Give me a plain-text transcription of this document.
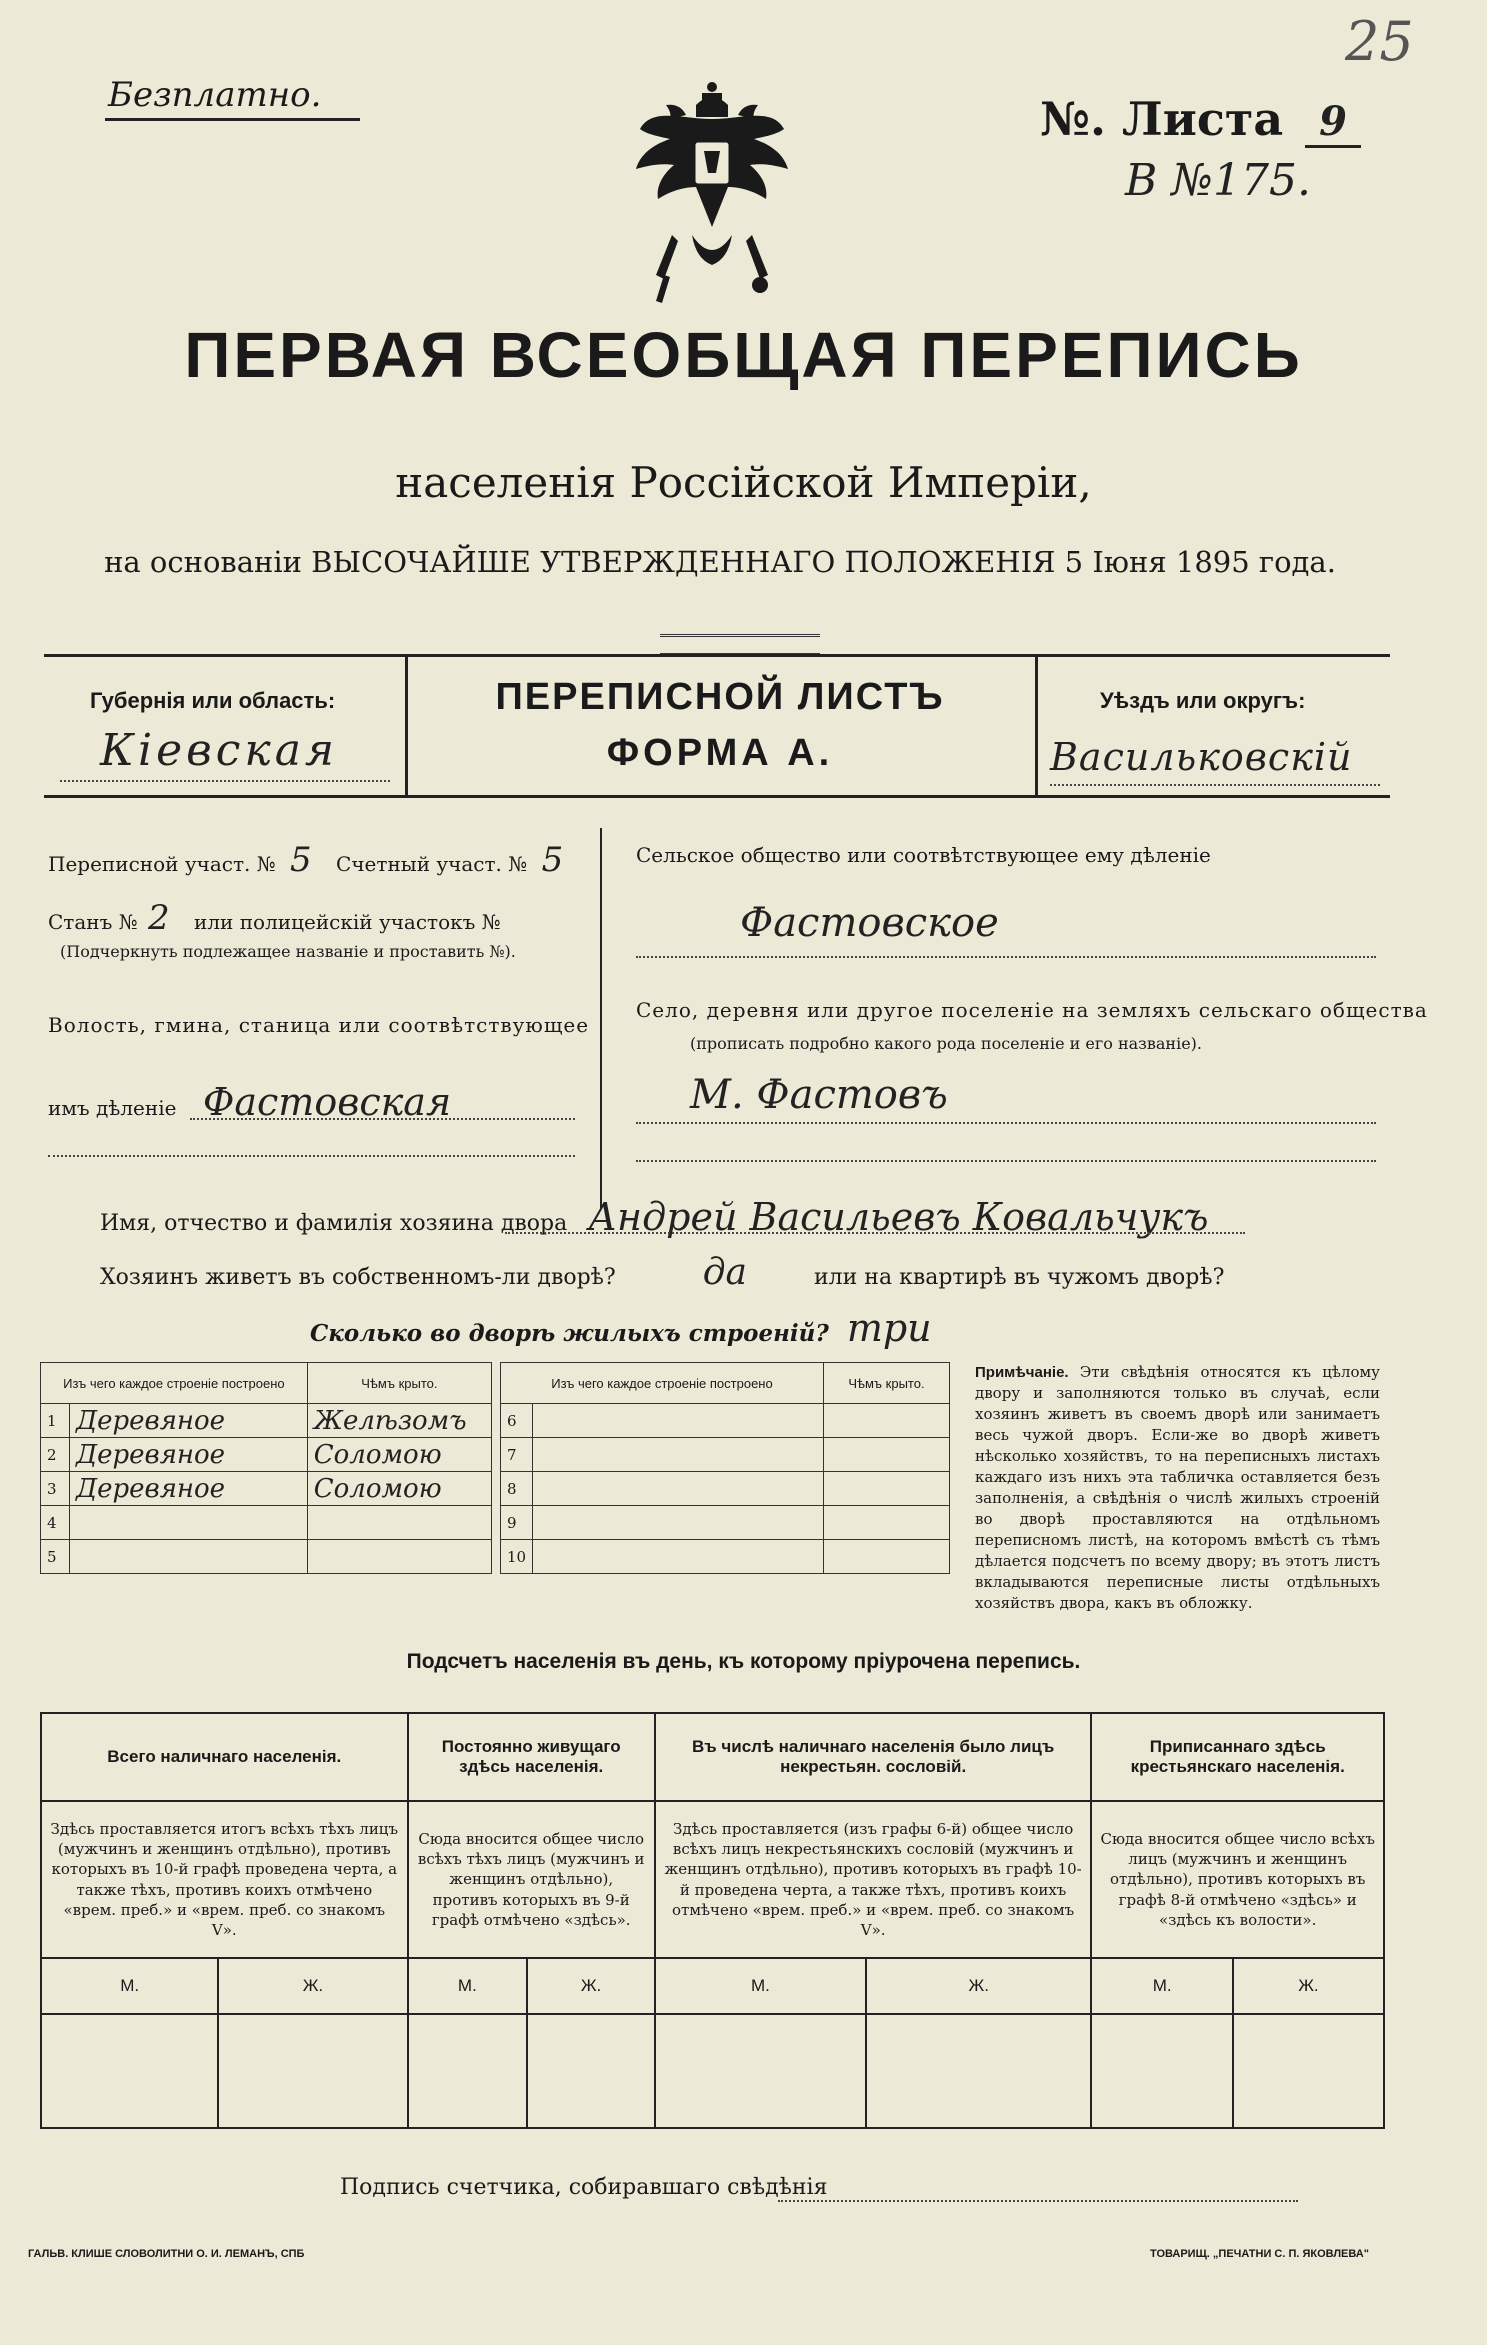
25
Безплатно.	№. Листа 9
В №175.
ПЕРВАЯ ВСЕОБЩАЯ ПЕРЕПИСЬ
населенія Россійской Имперіи,
на основаніи ВЫСОЧАЙШЕ УТВЕРЖДЕННАГО ПОЛОЖЕНІЯ 5 Іюня 1895 года.
Губернія или область:
Кіевская
ПЕРЕПИСНОЙ ЛИСТЪ
ФОРМА А.
Уѣздъ или округъ:
Васильковскій
Переписной участ. № 5 Счетный участ. № 5
Станъ № 2 или полицейскій участокъ №
(Подчеркнуть подлежащее названіе и проставить №).
Волость, гмина, станица или соотвѣтствующее
имъ дѣленіе Фастовская
Сельское общество или соотвѣтствующее ему дѣленіе
Фастовское
Село, деревня или другое поселеніе на земляхъ сельскаго общества
(прописать подробно какого рода поселеніе и его названіе).
М. Фастовъ
Имя, отчество и фамилія хозяина двора Андрей Васильевъ Ковальчукъ
Хозяинъ живетъ въ собственномъ-ли дворѣ? да	или на квартирѣ въ чужомъ дворѣ?
Сколько во дворѣ жилыхъ строеній? три
Изъ чего каждое строеніе построено		Чѣмъ крыто.
1	Деревяное	Желѣзомъ
2	Деревяное	Соломою
3	Деревяное	Соломою
4		
5		
Изъ чего каждое строеніе построено		Чѣмъ крыто.
6		
7		
8		
9		
10		
Примѣчаніе. Эти свѣдѣнія относятся къ цѣлому двору и заполняются только въ случаѣ, если хозяинъ живетъ въ своемъ дворѣ или занимаетъ весь чужой дворъ. Если-же во дворѣ живетъ нѣсколько хозяйствъ, то на переписныхъ листахъ каждаго изъ нихъ эта табличка оставляется безъ заполненія, а свѣдѣнія о числѣ жилыхъ строеній во дворѣ проставляются на отдѣльномъ переписномъ листѣ, на которомъ вмѣстѣ съ тѣмъ дѣлается подсчетъ по всему двору; въ этотъ листъ вкладываются переписные листы отдѣльныхъ хозяйствъ двора, какъ въ обложку.
Подсчетъ населенія въ день, къ которому пріурочена перепись.
Всего наличнаго населенія.		Постоянно живущаго здѣсь населенія.		Въ числѣ наличнаго населенія было лицъ некрестьян. сословій.		Приписаннаго здѣсь крестьянскаго населенія.	
Здѣсь проставляется итогъ всѣхъ тѣхъ лицъ (мужчинъ и женщинъ отдѣльно), противъ которыхъ въ 10-й графѣ проведена черта, а также тѣхъ, противъ коихъ отмѣчено «врем. преб.» и «врем. преб. со знакомъ V».		Сюда вносится общее число всѣхъ тѣхъ лицъ (мужчинъ и женщинъ отдѣльно), противъ которыхъ въ 9-й графѣ отмѣчено «здѣсь».		Здѣсь проставляется (изъ графы 6-й) общее число всѣхъ лицъ некрестьянскихъ сословій (мужчинъ и женщинъ отдѣльно), противъ которыхъ въ графѣ 10-й проведена черта, а также тѣхъ, противъ коихъ отмѣчено «врем. преб.» и «врем. преб. со знакомъ V».		Сюда вносится общее число всѣхъ лицъ (мужчинъ и женщинъ отдѣльно), противъ которыхъ въ графѣ 8-й отмѣчено «здѣсь» и «здѣсь къ волости».	
М.	Ж.	М.	Ж.	М.	Ж.	М.	Ж.

Подпись счетчика, собиравшаго свѣдѣнія
ГАЛЬВ. КЛИШЕ СЛОВОЛИТНИ О. И. ЛЕМАНЪ, СПБ	ТОВАРИЩ. „ПЕЧАТНИ С. П. ЯКОВЛЕВА"
